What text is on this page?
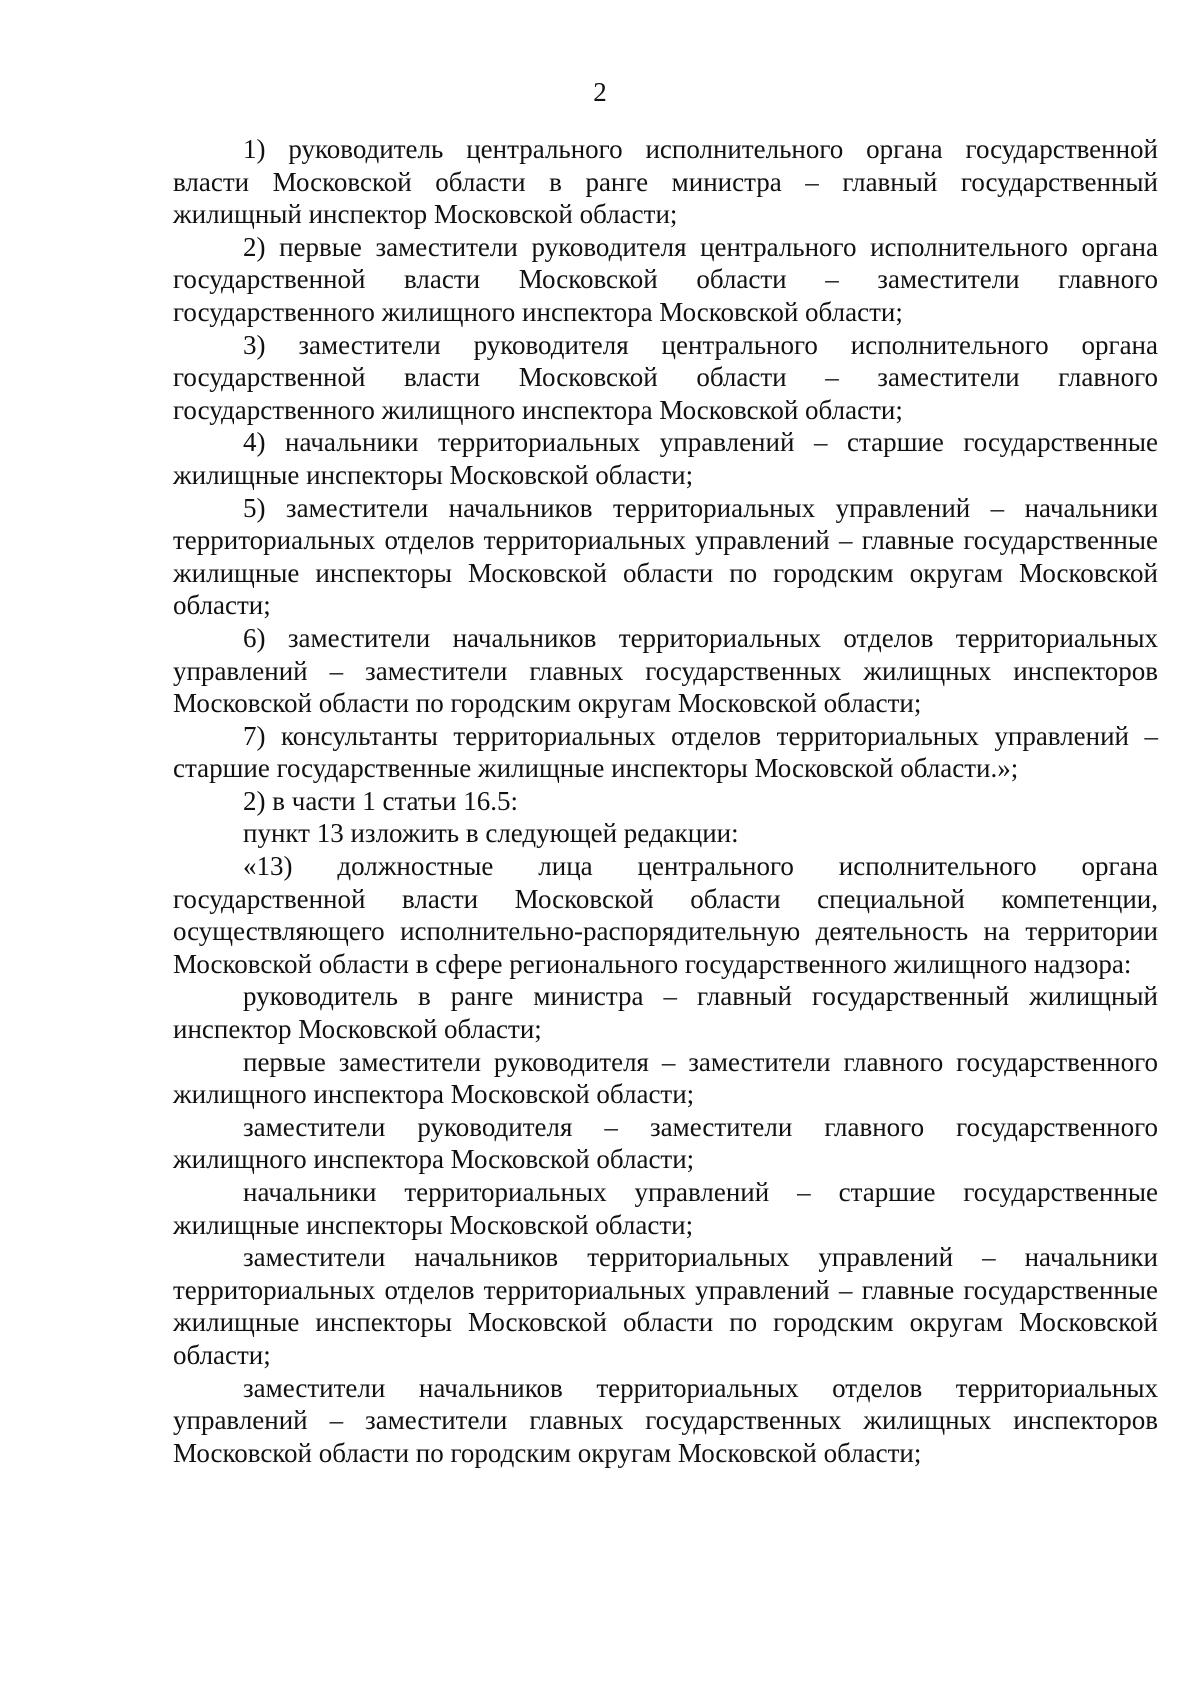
2

1) руководитель центрального исполнительного органа государственной власти Московской области в ранге министра – главный государственный жилищный инспектор Московской области;

2) первые заместители руководителя центрального исполнительного органа государственной власти Московской области – заместители главного государственного жилищного инспектора Московской области;

3) заместители руководителя центрального исполнительного органа государственной власти Московской области – заместители главного государственного жилищного инспектора Московской области;

4) начальники территориальных управлений – старшие государственные жилищные инспекторы Московской области;

5) заместители начальников территориальных управлений – начальники территориальных отделов территориальных управлений – главные государственные жилищные инспекторы Московской области по городским округам Московской области;

6) заместители начальников территориальных отделов территориальных управлений – заместители главных государственных жилищных инспекторов Московской области по городским округам Московской области;

7) консультанты территориальных отделов территориальных управлений – старшие государственные жилищные инспекторы Московской области.»;

2) в части 1 статьи 16.5:

пункт 13 изложить в следующей редакции:

«13) должностные лица центрального исполнительного органа государственной власти Московской области специальной компетенции, осуществляющего исполнительно-распорядительную деятельность на территории Московской области в сфере регионального государственного жилищного надзора:

руководитель в ранге министра – главный государственный жилищный инспектор Московской области;

первые заместители руководителя – заместители главного государственного жилищного инспектора Московской области;

заместители руководителя – заместители главного государственного жилищного инспектора Московской области;

начальники территориальных управлений – старшие государственные жилищные инспекторы Московской области;

заместители начальников территориальных управлений – начальники территориальных отделов территориальных управлений – главные государственные жилищные инспекторы Московской области по городским округам Московской области;

заместители начальников территориальных отделов территориальных управлений – заместители главных государственных жилищных инспекторов Московской области по городским округам Московской области;
